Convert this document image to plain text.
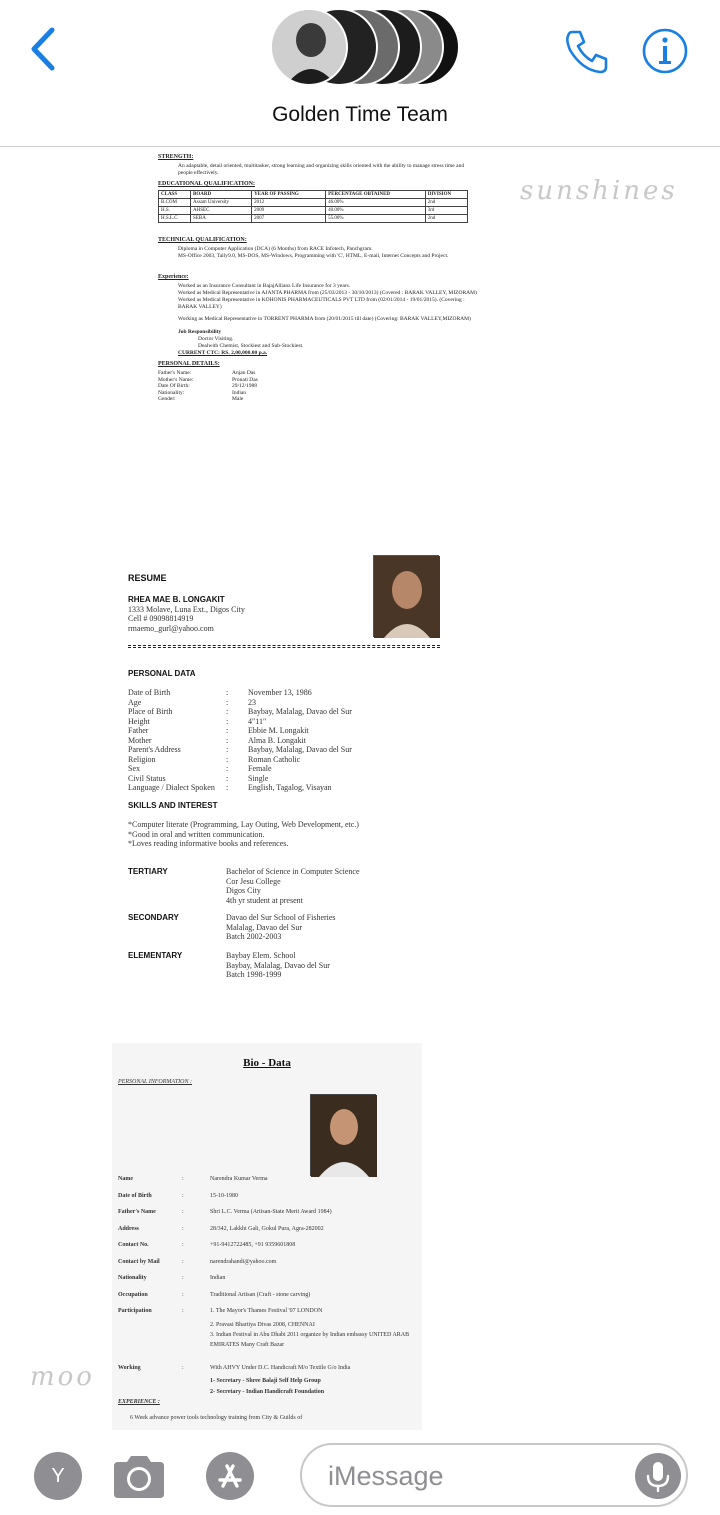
Golden Time Team
sunshines
moo
STRENGTH:
An adaptable, detail oriented, multitasker, strong learning and organizing skills oriented with the ability to manage stress time and people effectively.
EDUCATIONAL QUALIFICATION:
CLASS	BOARD	YEAR OF PASSING	PERCENTAGE OBTAINED	DIVISION
B.COM	Assam University	2012	46.00%	2nd
H.S.	AHSEC	2009	40.00%	3rd
H.S.L.C	SEBA	2007	55.00%	2nd
TECHNICAL QUALIFICATION:
Diploma in Computer Application (DCA) (6 Months) from RACE Infotech, Panchgram.
MS-Office 2003, Tally9.0, MS-DOS, MS-Windows, Programming with 'C', HTML, E-mail, Internet Concepts and Project.
Experience:
Worked as an Insurance Consultant in BajajAllianz Life Insurance for 3 years.
Worked as Medical Representative in AJANTA PHARMA from (25/03/2013 - 30/10/2013) (Covered : BARAK VALLEY, MIZORAM)
Worked as Medical Representative in KOHONIS PHARMACEUTICALS PVT LTD from (02/01/2014 - 19/01/2015). (Covering : BARAK VALLEY)
Working as Medical Representative in TORRENT PHARMA from (20/01/2015 till date) (Covering: BARAK VALLEY,MIZORAM)
Job Responsibility
Doctor Visiting.
Dealwith Chemist, Stockiest and Sub-Stockiest.
CURRENT CTC: RS. 2,00,000.00 p.a.
PERSONAL DETAILS:
Father's Name:	Anjan Das
Mother's Name:	Pronati Das
Date Of Birth:	29/12/1988
Nationality:	Indian
Gender:	Male
RESUME
RHEA MAE B. LONGAKIT
1333 Molave, Luna Ext., Digos City
Cell # 09098814919
rmaemo_gurl@yahoo.com
PERSONAL DATA
Date of Birth	:	November 13, 1986
Age	:	23
Place of Birth	:	Baybay, Malalag, Davao del Sur
Height	:	4"11"
Father	:	Ebbie M. Longakit
Mother	:	Alma B. Longakit
Parent's Address	:	Baybay, Malalag, Davao del Sur
Religion	:	Roman Catholic
Sex	:	Female
Civil Status	:	Single
Language / Dialect Spoken	:	English, Tagalog, Visayan
SKILLS AND INTEREST
*Computer literate (Programming, Lay Outing, Web Development, etc.)
*Good in oral and written communication.
*Loves reading informative books and references.
TERTIARY	Bachelor of Science in Computer Science
Cor Jesu College
Digos City
4th yr student at present
SECONDARY	Davao del Sur School of Fisheries
Malalag, Davao del Sur
Batch 2002-2003
ELEMENTARY	Baybay Elem. School
Baybay, Malalag, Davao del Sur
Batch 1998-1999
Bio - Data
PERSONAL INFORMATION :
Name	:	Narendra Kumar Verma
Date of Birth	:	15-10-1980
Father's Name	:	Shri L.C. Verma (Artisan-State Merit Award 1984)
Address	:	28/342, Lakkhi Gali, Gokul Pura, Agra-282002
Contact No.	:	+91-9412722485, +91 9359601808
Contact by Mail	:	narendrahandi@yahoo.com
Nationality	:	Indian
Occupation	:	Traditional Artisan (Craft - stone carving)
Participation	:	1. The Mayor's Thames Festival '07 LONDON
2. Pravasi Bhartiya Divas 2008, CHENNAI
3. Indian Festival in Abu Dhabi 2011 organize by Indian embassy UNITED ARAB EMIRATES Many Craft Bazar
Working	:	With AHVY Under D.C. Handicraft M/o Textile G/o India
1- Secretary - Shree Balaji Self Help Group
2- Secretary - Indian Handicraft Foundation
EXPERIENCE :
6 Week advance power tools technology training from City & Guilds of
Y
iMessage
